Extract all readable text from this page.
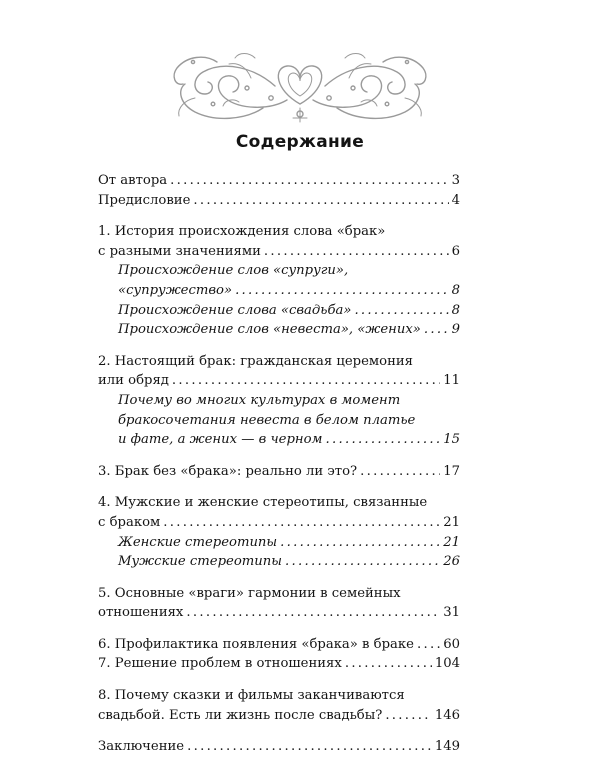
Содержание
От автора .....	3
Предисловие .....	4
1. История происхождения слова «брак»
с разными значениями .....	6
Происхождение слов «супруги»,
«супружество» .....	8
Происхождение слова «свадьба» .....	8
Происхождение слов «невеста», «жених» ..... 9
2. Настоящий брак: гражданская церемония
или обряд .....	11
Почему во многих культурах в момент
бракосочетания невеста в белом платье
и фате, а жених — в черном .....	15
3. Брак без «брака»: реально ли это? .....	17
4. Мужские и женские стереотипы, связанные
с браком .....	21
Женские стереотипы .....	21
Мужские стереотипы .....	26
5. Основные «враги» гармонии в семейных
отношениях .....	31
6. Профилактика появления «брака» в браке ..... 60
7. Решение проблем в отношениях .....	104
8. Почему сказки и фильмы заканчиваются
свадьбой. Есть ли жизнь после свадьбы? .....	146
Заключение .....	149
